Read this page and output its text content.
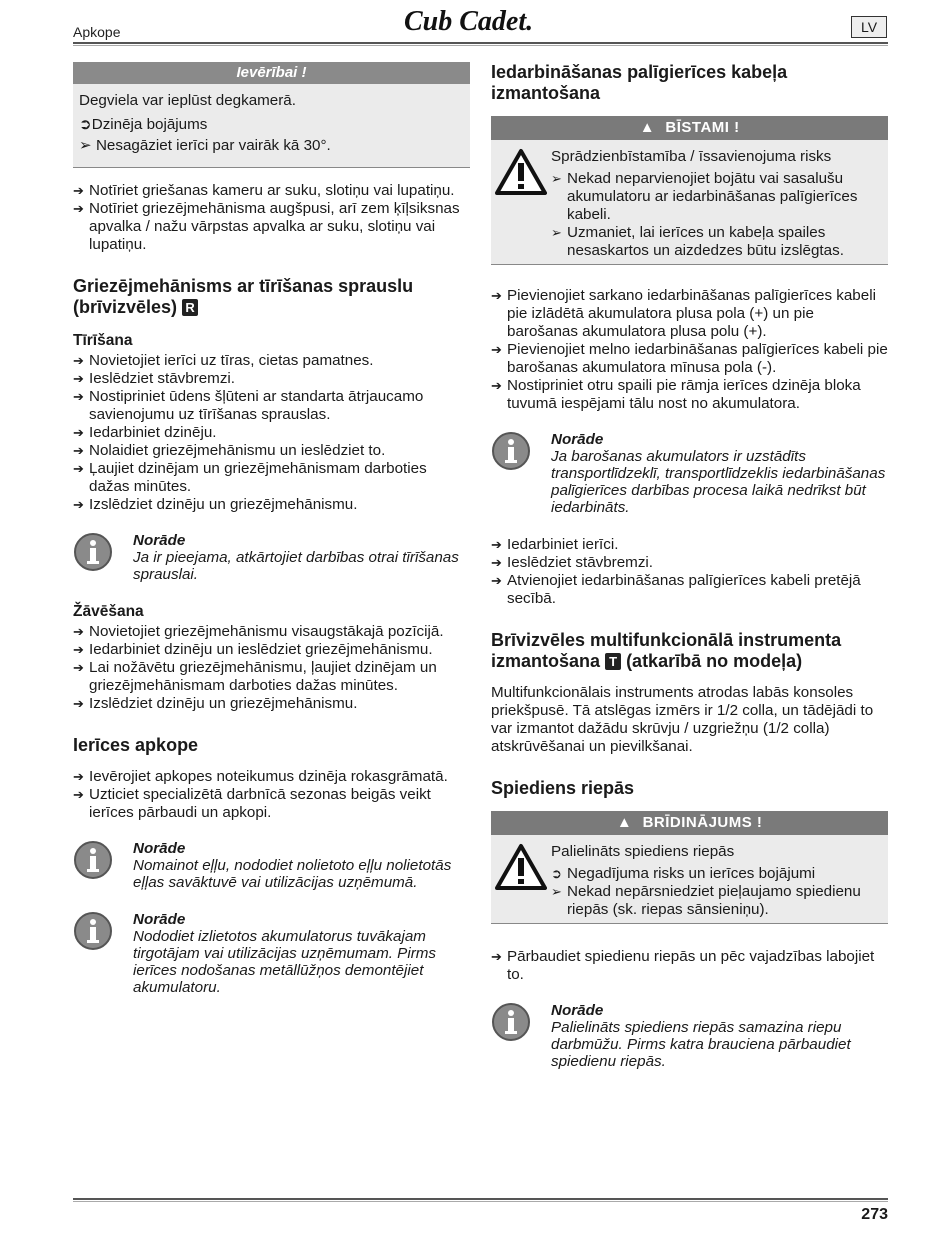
Apkope	Cub Cadet.	LV
Ievērībai !

Degviela var ieplūst degkamerā.

➲Dzinēja bojājums

➢ Nesagāziet ierīci par vairāk kā 30°.

➔ Notīriet griešanas kameru ar suku, slotiņu vai lupatiņu.
➔ Notīriet griezējmehānisma augšpusi, arī zem ķīļsiksnas apvalka / nažu vārpstas apvalka ar suku, slotiņu vai lupatiņu.
Griezējmehānisms ar tīrīšanas sprauslu (brīvizvēles) R
Tīrīšana
➔ Novietojiet ierīci uz tīras, cietas pamatnes.
➔ Ieslēdziet stāvbremzi.
➔ Nostipriniet ūdens šļūteni ar standarta ātrjaucamo savienojumu uz tīrīšanas sprauslas.
➔ Iedarbiniet dzinēju.
➔ Nolaidiet griezējmehānismu un ieslēdziet to.
➔ Ļaujiet dzinējam un griezējmehānismam darboties dažas minūtes.
➔ Izslēdziet dzinēju un griezējmehānismu.
Norāde
Ja ir pieejama, atkārtojiet darbības otrai tīrīšanas sprauslai.
Žāvēšana
➔ Novietojiet griezējmehānismu visaugstākajā pozīcijā.
➔ Iedarbiniet dzinēju un ieslēdziet griezējmehānismu.
➔ Lai nožāvētu griezējmehānismu, ļaujiet dzinējam un griezējmehānismam darboties dažas minūtes.
➔ Izslēdziet dzinēju un griezējmehānismu.
Ierīces apkope
➔ Ievērojiet apkopes noteikumus dzinēja rokasgrāmatā.
➔ Uzticiet specializētā darbnīcā sezonas beigās veikt ierīces pārbaudi un apkopi.
Norāde
Nomainot eļļu, nododiet nolietoto eļļu nolietotās eļļas savāktuvē vai utilizācijas uzņēmumā.
Norāde
Nododiet izlietotos akumulatorus tuvākajam tirgotājam vai utilizācijas uzņēmumam. Pirms ierīces nodošanas metāllūžņos demontējiet akumulatoru.
Iedarbināšanas palīgierīces kabeļa izmantošana
▲ BĪSTAMI !

Sprādzienbīstamība / īssavienojuma risks

➢ Nekad neparvienojiet bojātu vai sasalušu akumulatoru ar iedarbināšanas palīgierīces kabeli.
➢ Uzmaniet, lai ierīces un kabeļa spailes nesaskartos un aizdedzes būtu izslēgtas.
➔ Pievienojiet sarkano iedarbināšanas palīgierīces kabeli pie izlādētā akumulatora plusa pola (+) un pie barošanas akumulatora plusa polu (+).
➔ Pievienojiet melno iedarbināšanas palīgierīces kabeli pie barošanas akumulatora mīnusa pola (-).
➔ Nostipriniet otru spaili pie rāmja ierīces dzinēja bloka tuvumā iespējami tālu nost no akumulatora.
Norāde
Ja barošanas akumulators ir uzstādīts transportlīdzeklī, transportlīdzeklis iedarbināšanas palīgierīces darbības procesa laikā nedrīkst būt iedarbināts.
➔ Iedarbiniet ierīci.
➔ Ieslēdziet stāvbremzi.
➔ Atvienojiet iedarbināšanas palīgierīces kabeli pretējā secībā.
Brīvizvēles multifunkcionālā instrumenta izmantošana T (atkarībā no modeļa)

Multifunkcionālais instruments atrodas labās konsoles priekšpusē. Tā atslēgas izmērs ir 1/2 colla, un tādējādi to var izmantot dažādu skrūvju / uzgriežņu (1/2 colla) atskrūvēšanai un pievilkšanai.

Spiediens riepās
▲ BRĪDINĀJUMS !

Palielināts spiediens riepās

➲ Negadījuma risks un ierīces bojājumi
➢ Nekad nepārsniedziet pieļaujamo spiedienu riepās (sk. riepas sānsieniņu).
➔ Pārbaudiet spiedienu riepās un pēc vajadzības labojiet to.
Norāde
Palielināts spiediens riepās samazina riepu darbmūžu. Pirms katra brauciena pārbaudiet spiedienu riepās.
273
